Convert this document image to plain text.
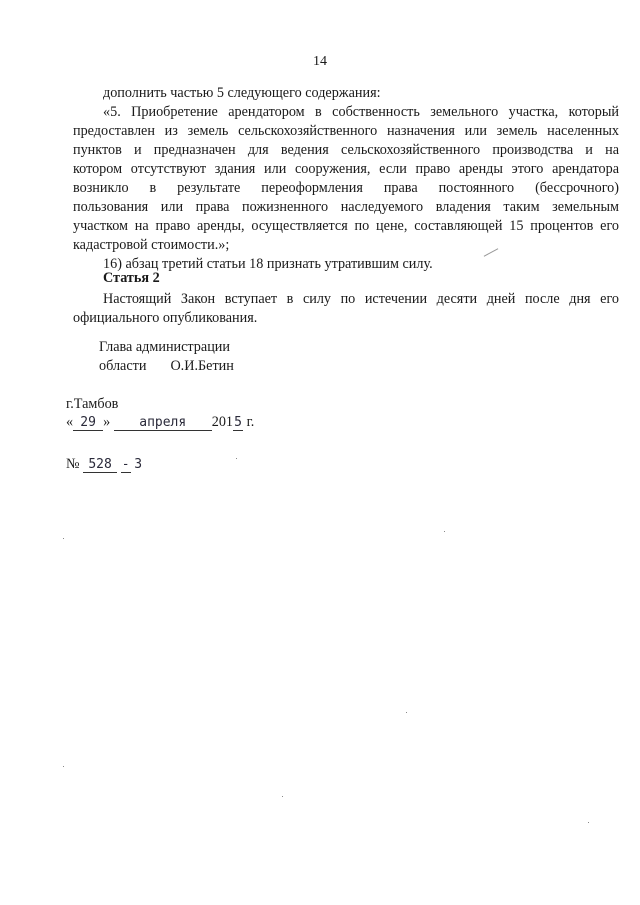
14
дополнить частью 5 следующего содержания:
«5. Приобретение арендатором в собственность земельного участка, который
предоставлен из земель сельскохозяйственного назначения или земель населенных
пунктов и предназначен для ведения сельскохозяйственного производства и на
котором отсутствуют здания или сооружения, если право аренды этого арендатора
возникло в результате переоформления права постоянного (бессрочного)
пользования или права пожизненного наследуемого владения таким земельным
участком на право аренды, осуществляется по цене, составляющей 15 процентов его
кадастровой стоимости.»;
16) абзац третий статьи 18 признать утратившим силу.
Статья 2
Настоящий Закон вступает в силу по истечении десяти дней после дня его
официального опубликования.
Глава администрации
области О.И.Бетин
г.Тамбов
« 29 » апреля 2015 г.
№ 528 - 3
